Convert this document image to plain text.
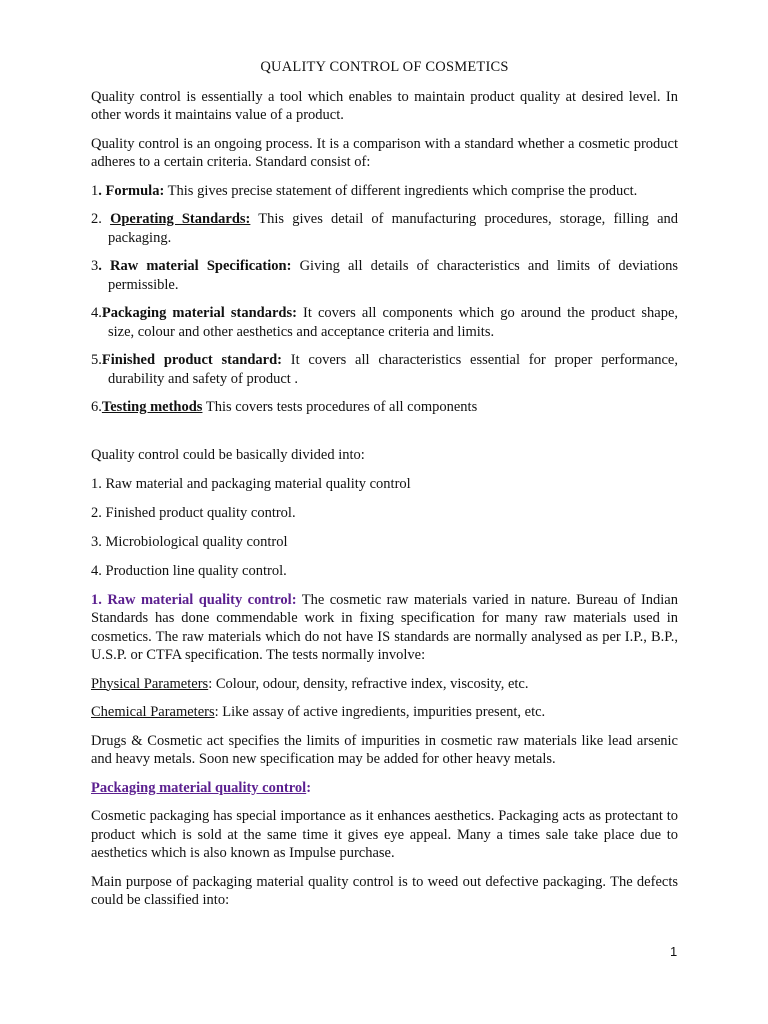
QUALITY CONTROL OF COSMETICS

Quality control is essentially a tool which enables to maintain product quality at desired level. In other words it maintains value of a product.

Quality control is an ongoing process. It is a comparison with a standard whether a cosmetic product adheres to a certain criteria. Standard consist of:

1. Formula: This gives precise statement of different ingredients which comprise the product.

2. Operating Standards: This gives detail of manufacturing procedures, storage, filling and packaging.

3. Raw material Specification: Giving all details of characteristics and limits of deviations permissible.

4.Packaging material standards: It covers all components which go around the product shape, size, colour and other aesthetics and acceptance criteria and limits.

5.Finished product standard: It covers all characteristics essential for proper performance, durability and safety of product .

6.Testing methods This covers tests procedures of all components

Quality control could be basically divided into:

1. Raw material and packaging material quality control

2. Finished product quality control.

3. Microbiological quality control

4. Production line quality control.

1. Raw material quality control: The cosmetic raw materials varied in nature. Bureau of Indian Standards has done commendable work in fixing specification for many raw materials used in cosmetics. The raw materials which do not have IS standards are normally analysed as per I.P., B.P., U.S.P. or CTFA specification. The tests normally involve:

Physical Parameters: Colour, odour, density, refractive index, viscosity, etc.

Chemical Parameters: Like assay of active ingredients, impurities present, etc.

Drugs & Cosmetic act specifies the limits of impurities in cosmetic raw materials like lead arsenic and heavy metals. Soon new specification may be added for other heavy metals.

Packaging material quality control:

Cosmetic packaging has special importance as it enhances aesthetics. Packaging acts as protectant to product which is sold at the same time it gives eye appeal. Many a times sale take place due to aesthetics which is also known as Impulse purchase.

Main purpose of packaging material quality control is to weed out defective packaging. The defects could be classified into:

1
